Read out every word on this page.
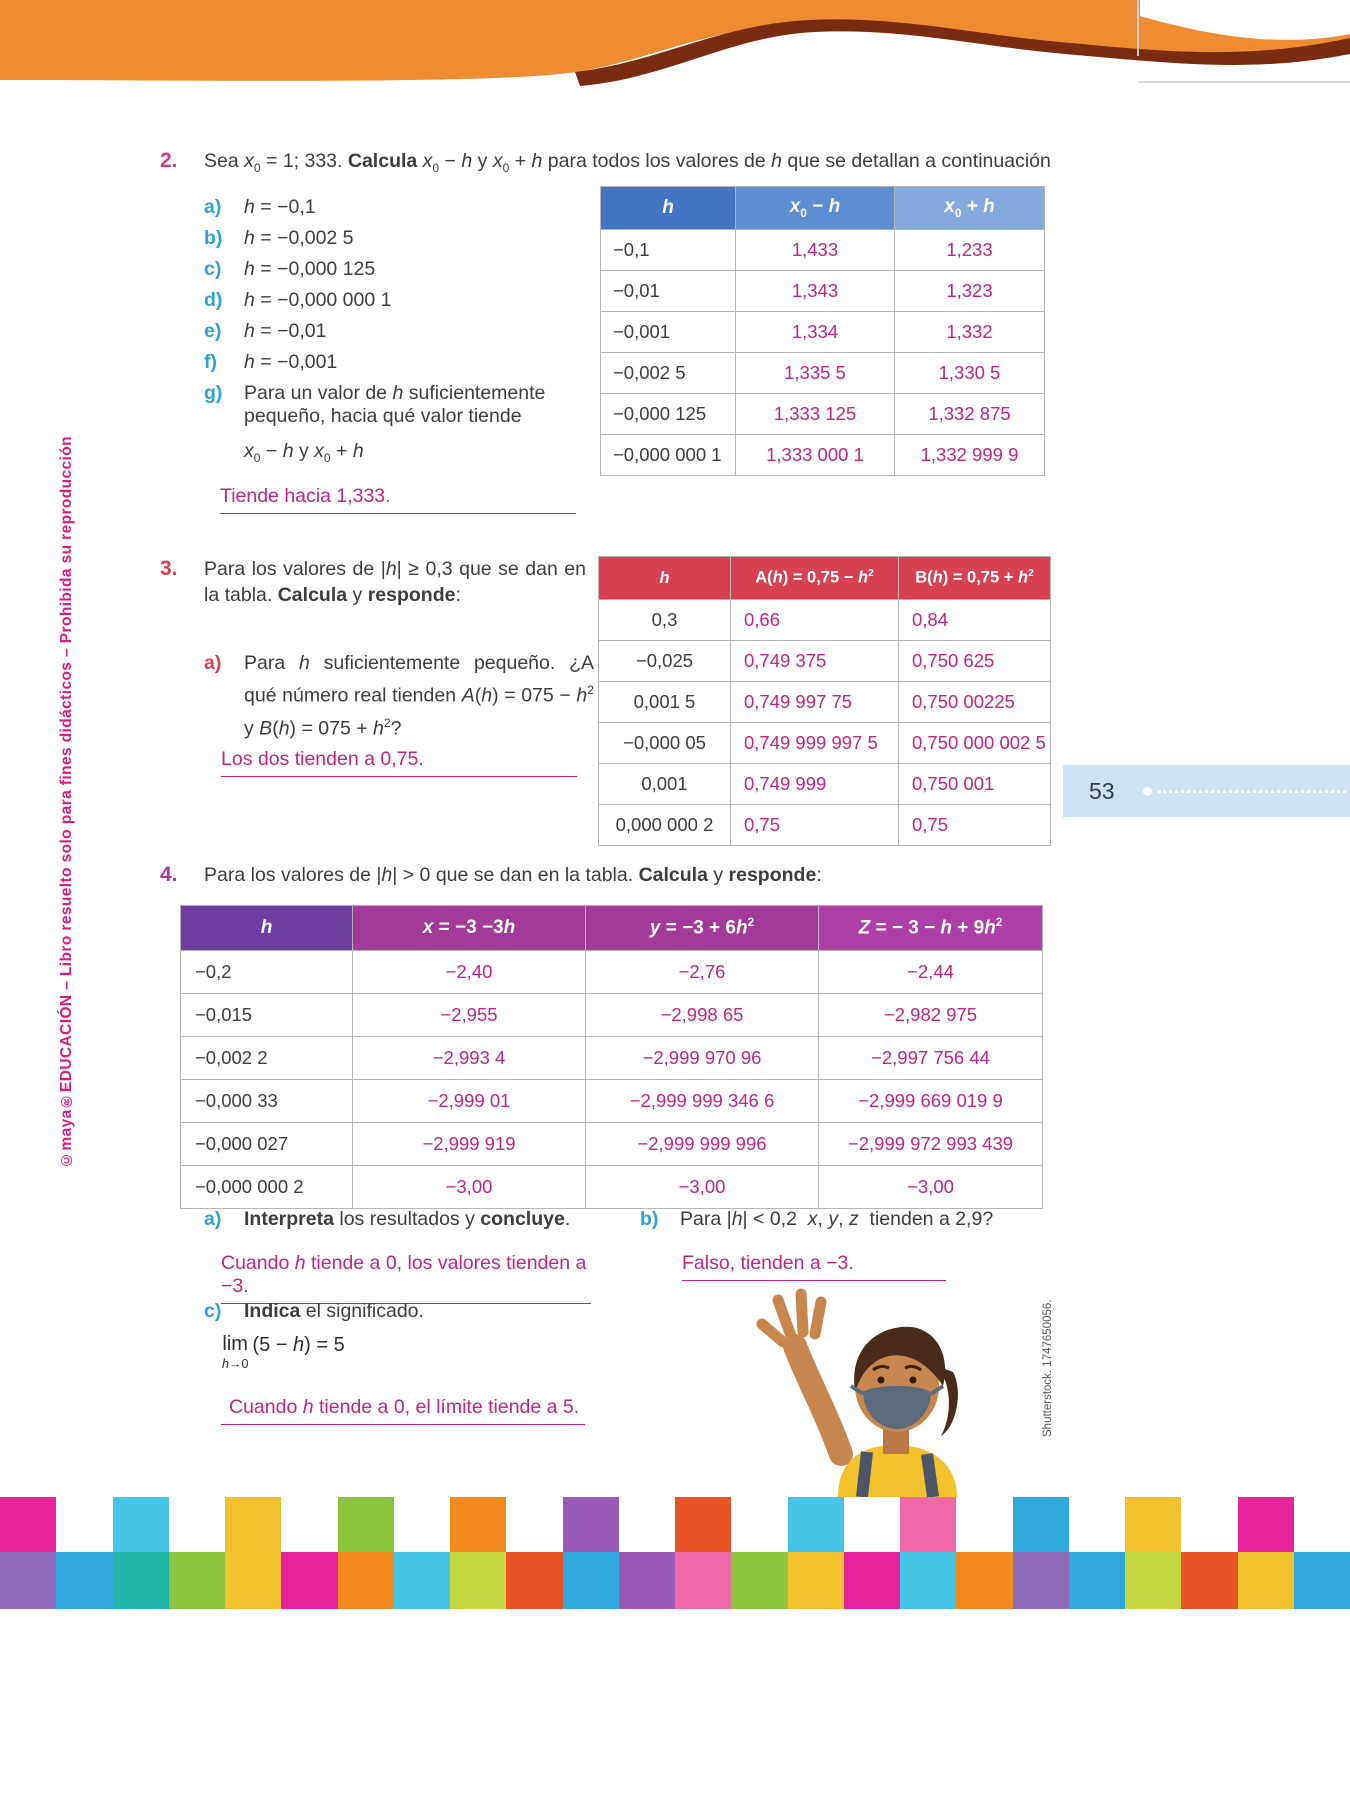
©maya®EDUCACIÓN – Libro resuelto solo para fines didácticos – Prohibida su reproducción
2.	Sea $x_0 = 1$; 333. Calcula $x_0 - h$ y $x_0 + h$ para todos los valores de h que se detallan a continuación
a)	h = −0,1
b)	h = −0,002 5
c)	h = −0,000 125
d)	h = −0,000 000 1
e)	h = −0,01
f)	h = −0,001
g)	Para un valor de h suficientemente pequeño, hacia qué valor tiende
$x_0 - h$ y $x_0 + h$
Tiende hacia 1,333.
h	$x_0 - h$	$x_0 + h$
−0,1	1,433	1,233
−0,01	1,343	1,323
−0,001	1,334	1,332
−0,002 5	1,335 5	1,330 5
−0,000 125	1,333 125	1,332 875
−0,000 000 1	1,333 000 1	1,332 999 9
3.	Para los valores de |h| ≥ 0,3 que se dan en la tabla. Calcula y responde:
a)	Para h suficientemente pequeño. ¿A qué número real tienden $A(h) = 075 - h^2$ y $B(h) = 075 + h^2$?
Los dos tienden a 0,75.
h	$A(h) = 0,75 - h^2$	$B(h) = 0,75 + h^2$
0,3	0,66	0,84
−0,025	0,749 375	0,750 625
0,001 5	0,749 997 75	0,750 00225
−0,000 05	0,749 999 997 5	0,750 000 002 5
0,001	0,749 999	0,750 001
0,000 000 2	0,75	0,75
53
4.	Para los valores de |h| > 0 que se dan en la tabla. Calcula y responde:
h	x = −3 −3h	$y = -3 + 6h^2$	Z = − $3 - h + 9h^2$
−0,2	−2,40	−2,76	−2,44
−0,015	−2,955	−2,998 65	−2,982 975
−0,002 2	−2,993 4	−2,999 970 96	−2,997 756 44
−0,000 33	−2,999 01	−2,999 999 346 6	−2,999 669 019 9
−0,000 027	−2,999 919	−2,999 999 996	−2,999 972 993 439
−0,000 000 2	−3,00	−3,00	−3,00
a)	Interpreta los resultados y concluye.
Cuando h tiende a 0, los valores tienden a −3.
b)	Para |h| < 0,2  x, y, z  tienden a 2,9?
Falso, tienden a −3.
c)	Indica el significado.
lim
h→0
(5 − h) = 5
Cuando h tiende a 0, el límite tiende a 5.	Shutterstock. 1747650056.
